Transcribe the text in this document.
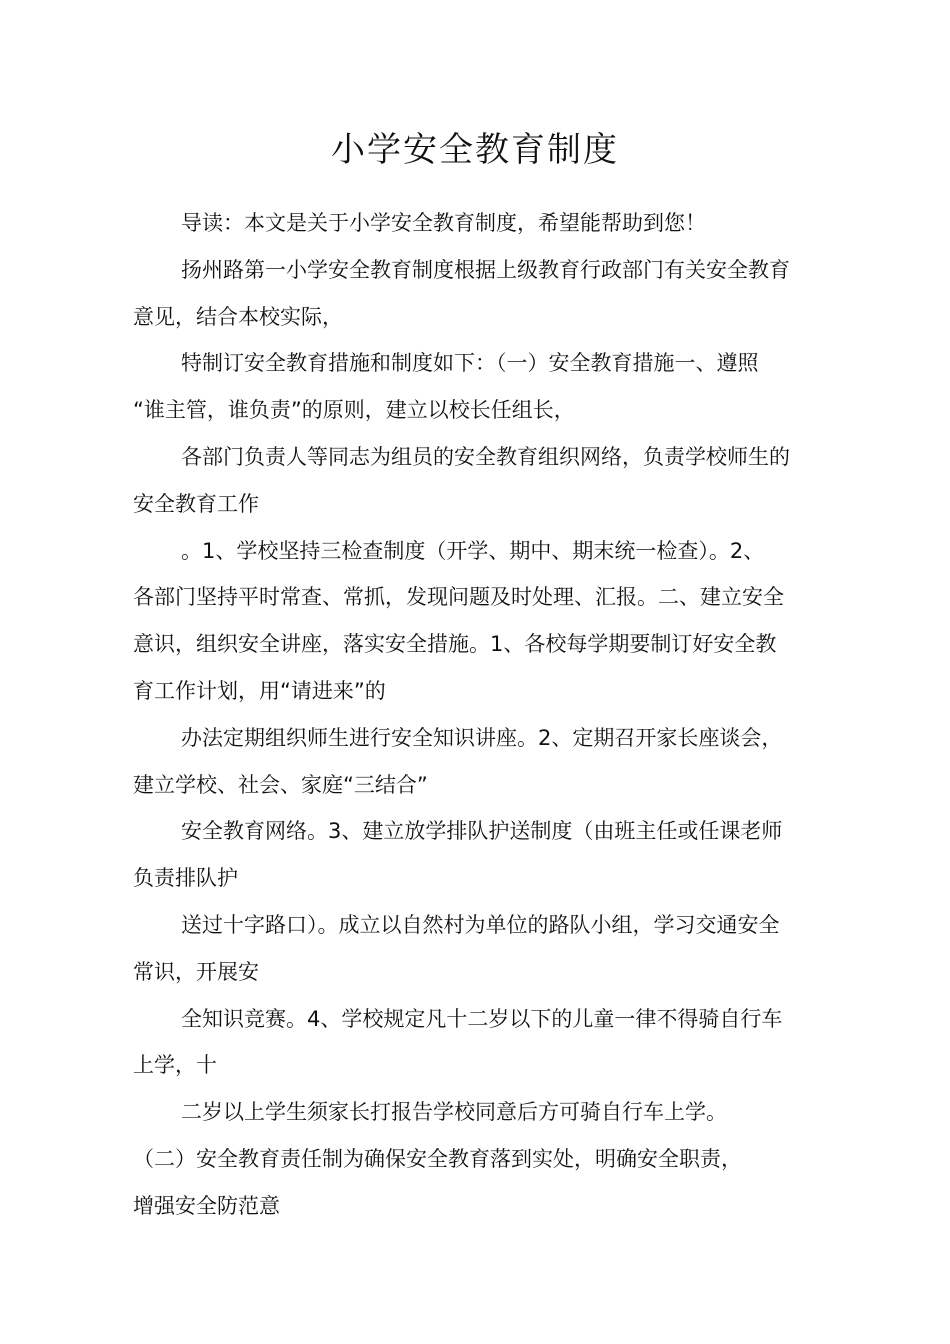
小学安全教育制度

导读：本文是关于小学安全教育制度，希望能帮助到您！

扬州路第一小学安全教育制度根据上级教育行政部门有关安全教育

意见，结合本校实际，

特制订安全教育措施和制度如下：（一）安全教育措施一、遵照

“谁主管，谁负责”的原则，建立以校长任组长，

各部门负责人等同志为组员的安全教育组织网络，负责学校师生的

安全教育工作

。1、学校坚持三检查制度（开学、期中、期末统一检查）。2、

各部门坚持平时常查、常抓，发现问题及时处理、汇报。二、建立安全

意识，组织安全讲座，落实安全措施。1、各校每学期要制订好安全教

育工作计划，用“请进来”的

办法定期组织师生进行安全知识讲座。2、定期召开家长座谈会，

建立学校、社会、家庭“三结合”

安全教育网络。3、建立放学排队护送制度（由班主任或任课老师

负责排队护

送过十字路口）。成立以自然村为单位的路队小组，学习交通安全

常识，开展安

全知识竞赛。4、学校规定凡十二岁以下的儿童一律不得骑自行车

上学，十

二岁以上学生须家长打报告学校同意后方可骑自行车上学。

（二）安全教育责任制为确保安全教育落到实处，明确安全职责，

增强安全防范意
